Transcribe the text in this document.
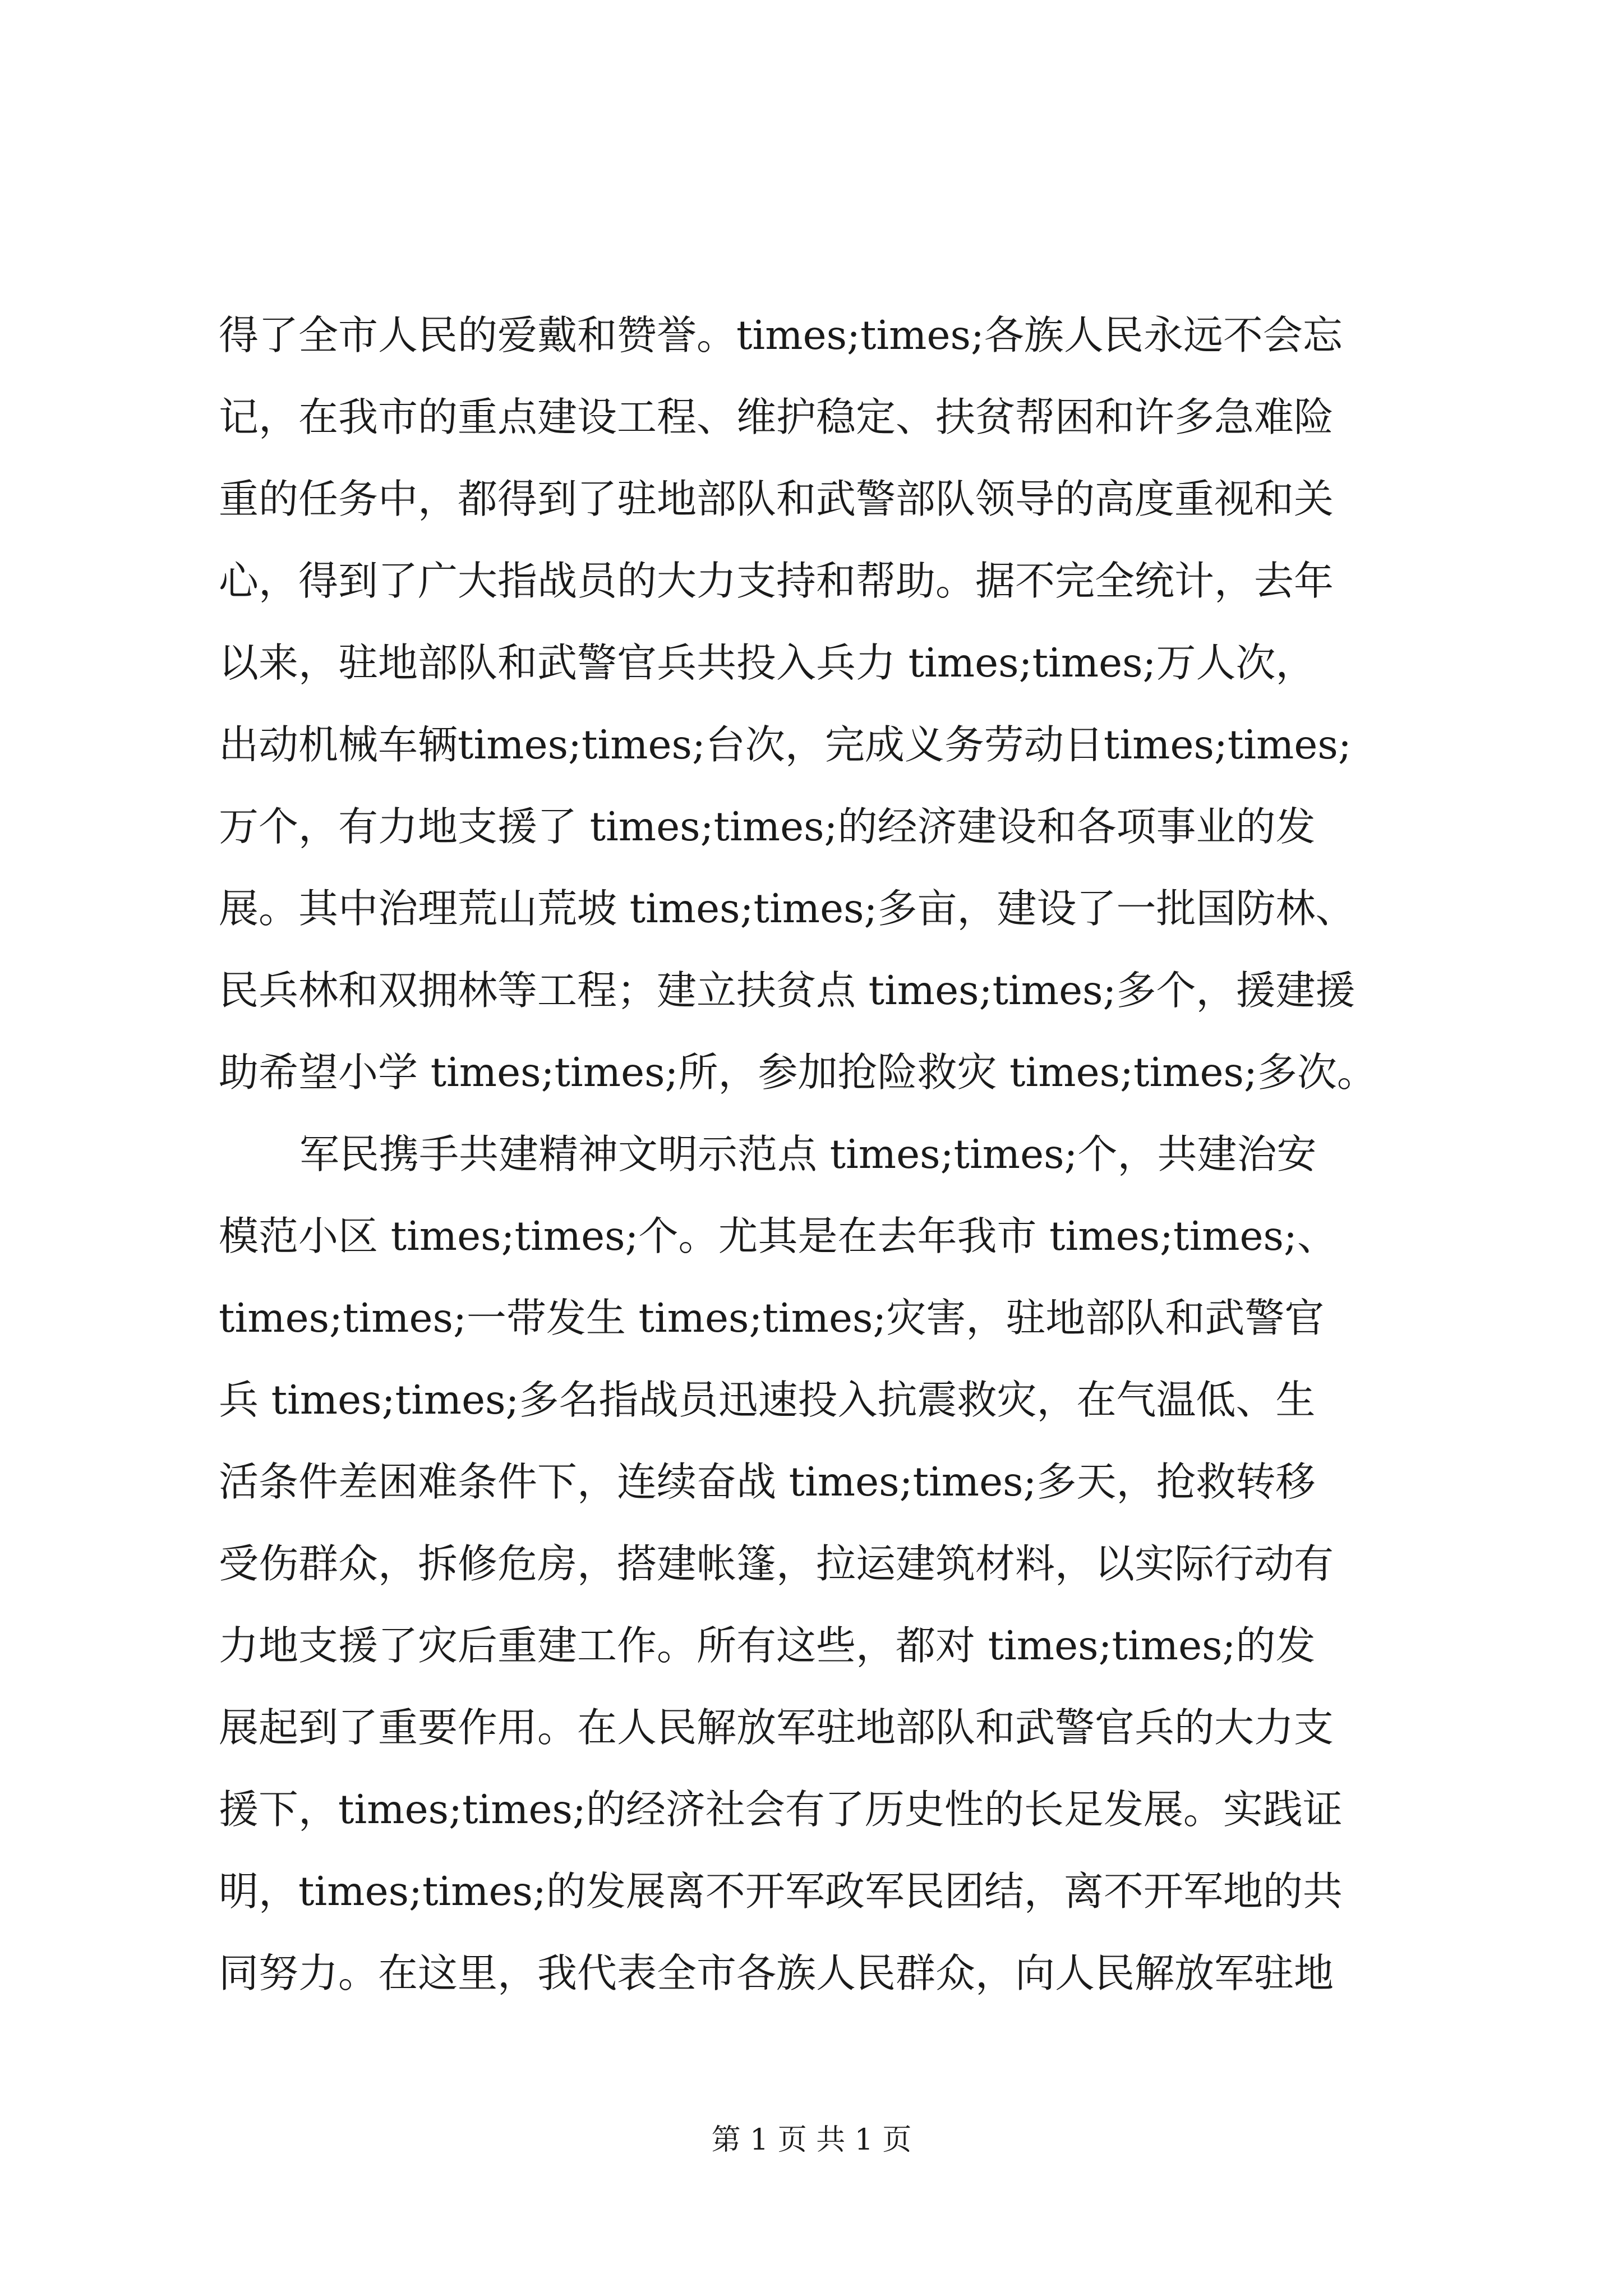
得了全市人民的爱戴和赞誉。times;times;各族人民永远不会忘
记，在我市的重点建设工程、维护稳定、扶贫帮困和许多急难险
重的任务中，都得到了驻地部队和武警部队领导的高度重视和关
心，得到了广大指战员的大力支持和帮助。据不完全统计，去年
以来，驻地部队和武警官兵共投入兵力 times;times;万人次，
出动机械车辆times;times;台次，完成义务劳动日times;times;
万个，有力地支援了 times;times;的经济建设和各项事业的发
展。其中治理荒山荒坡 times;times;多亩，建设了一批国防林、
民兵林和双拥林等工程；建立扶贫点 times;times;多个，援建援
助希望小学 times;times;所，参加抢险救灾 times;times;多次。
军民携手共建精神文明示范点 times;times;个，共建治安
模范小区 times;times;个。尤其是在去年我市 times;times;、
times;times;一带发生 times;times;灾害，驻地部队和武警官
兵 times;times;多名指战员迅速投入抗震救灾，在气温低、生
活条件差困难条件下，连续奋战 times;times;多天，抢救转移
受伤群众，拆修危房，搭建帐篷，拉运建筑材料，以实际行动有
力地支援了灾后重建工作。所有这些，都对 times;times;的发
展起到了重要作用。在人民解放军驻地部队和武警官兵的大力支
援下，times;times;的经济社会有了历史性的长足发展。实践证
明，times;times;的发展离不开军政军民团结，离不开军地的共
同努力。在这里，我代表全市各族人民群众，向人民解放军驻地
第 1 页 共 1 页
